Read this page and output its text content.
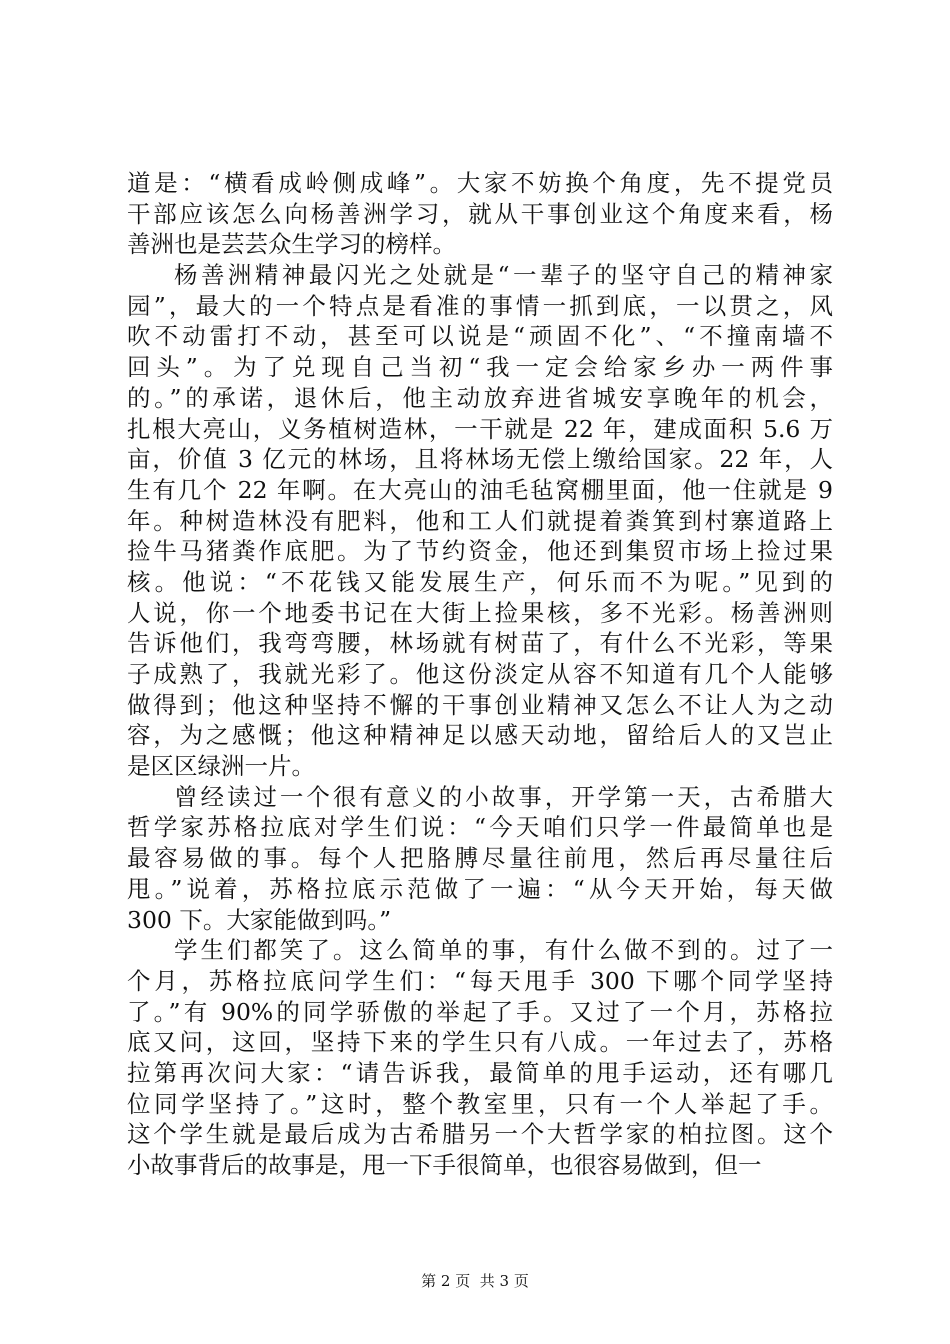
道是：“横看成岭侧成峰”。大家不妨换个角度，先不提党员
干部应该怎么向杨善洲学习，就从干事创业这个角度来看，杨
善洲也是芸芸众生学习的榜样。
杨善洲精神最闪光之处就是“一辈子的坚守自己的精神家
园”，最大的一个特点是看准的事情一抓到底，一以贯之，风
吹不动雷打不动，甚至可以说是“顽固不化”、“不撞南墙不
回头”。为了兑现自己当初“我一定会给家乡办一两件事
的。”的承诺，退休后，他主动放弃进省城安享晚年的机会，
扎根大亮山，义务植树造林，一干就是 22 年，建成面积 5.6 万
亩，价值 3 亿元的林场，且将林场无偿上缴给国家。22 年，人
生有几个 22 年啊。在大亮山的油毛毡窝棚里面，他一住就是 9
年。种树造林没有肥料，他和工人们就提着粪箕到村寨道路上
捡牛马猪粪作底肥。为了节约资金，他还到集贸市场上捡过果
核。他说：“不花钱又能发展生产，何乐而不为呢。”见到的
人说，你一个地委书记在大街上捡果核，多不光彩。杨善洲则
告诉他们，我弯弯腰，林场就有树苗了，有什么不光彩，等果
子成熟了，我就光彩了。他这份淡定从容不知道有几个人能够
做得到；他这种坚持不懈的干事创业精神又怎么不让人为之动
容，为之感慨；他这种精神足以感天动地，留给后人的又岂止
是区区绿洲一片。
曾经读过一个很有意义的小故事，开学第一天，古希腊大
哲学家苏格拉底对学生们说：“今天咱们只学一件最简单也是
最容易做的事。每个人把胳膊尽量往前甩，然后再尽量往后
甩。”说着，苏格拉底示范做了一遍：“从今天开始，每天做
300 下。大家能做到吗。”
学生们都笑了。这么简单的事，有什么做不到的。过了一
个月，苏格拉底问学生们：“每天甩手 300 下哪个同学坚持
了。”有 90%的同学骄傲的举起了手。又过了一个月，苏格拉
底又问，这回，坚持下来的学生只有八成。一年过去了，苏格
拉第再次问大家：“请告诉我，最简单的甩手运动，还有哪几
位同学坚持了。”这时，整个教室里，只有一个人举起了手。
这个学生就是最后成为古希腊另一个大哲学家的柏拉图。这个
小故事背后的故事是，甩一下手很简单，也很容易做到，但一
第 2 页 共 3 页
